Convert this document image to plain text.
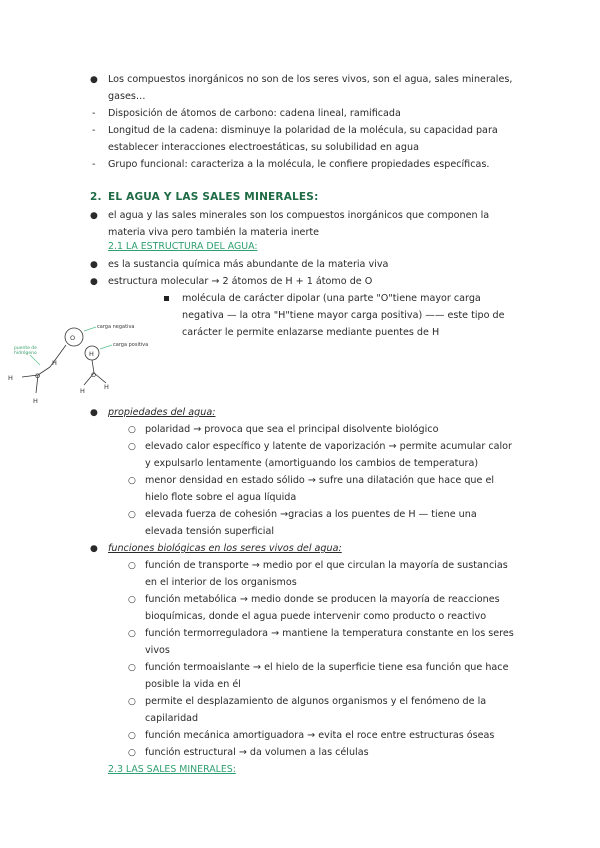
● Los compuestos inorgánicos no son de los seres vivos, son el agua, sales minerales,
gases…
- Disposición de átomos de carbono: cadena lineal, ramificada
- Longitud de la cadena: disminuye la polaridad de la molécula, su capacidad para
establecer interacciones electroestáticas, su solubilidad en agua
- Grupo funcional: caracteriza a la molécula, le confiere propiedades específicas.
2. EL AGUA Y LAS SALES MINERALES:
● el agua y las sales minerales son los compuestos inorgánicos que componen la
materia viva pero también la materia inerte
2.1 LA ESTRUCTURA DEL AGUA:
● es la sustancia química más abundante de la materia viva
● estructura molecular → 2 átomos de H + 1 átomo de O
molécula de carácter dipolar (una parte "O"tiene mayor carga
negativa — la otra "H"tiene mayor carga positiva) —— este tipo de
carácter le permite enlazarse mediante puentes de H
O
H
O
H
H
H
O
H	H
carga negativa
carga positiva
puente de
hidrógeno
● propiedades del agua:
○ polaridad → provoca que sea el principal disolvente biológico
○ elevado calor específico y latente de vaporización → permite acumular calor
y expulsarlo lentamente (amortiguando los cambios de temperatura)
○ menor densidad en estado sólido → sufre una dilatación que hace que el
hielo flote sobre el agua líquida
○ elevada fuerza de cohesión →gracias a los puentes de H — tiene una
elevada tensión superficial
● funciones biológicas en los seres vivos del agua:
○ función de transporte → medio por el que circulan la mayoría de sustancias
en el interior de los organismos
○ función metabólica → medio donde se producen la mayoría de reacciones
bioquímicas, donde el agua puede intervenir como producto o reactivo
○ función termorreguladora → mantiene la temperatura constante en los seres
vivos
○ función termoaislante → el hielo de la superficie tiene esa función que hace
posible la vida en él
○ permite el desplazamiento de algunos organismos y el fenómeno de la
capilaridad
○ función mecánica amortiguadora → evita el roce entre estructuras óseas
○ función estructural → da volumen a las células
2.3 LAS SALES MINERALES:
